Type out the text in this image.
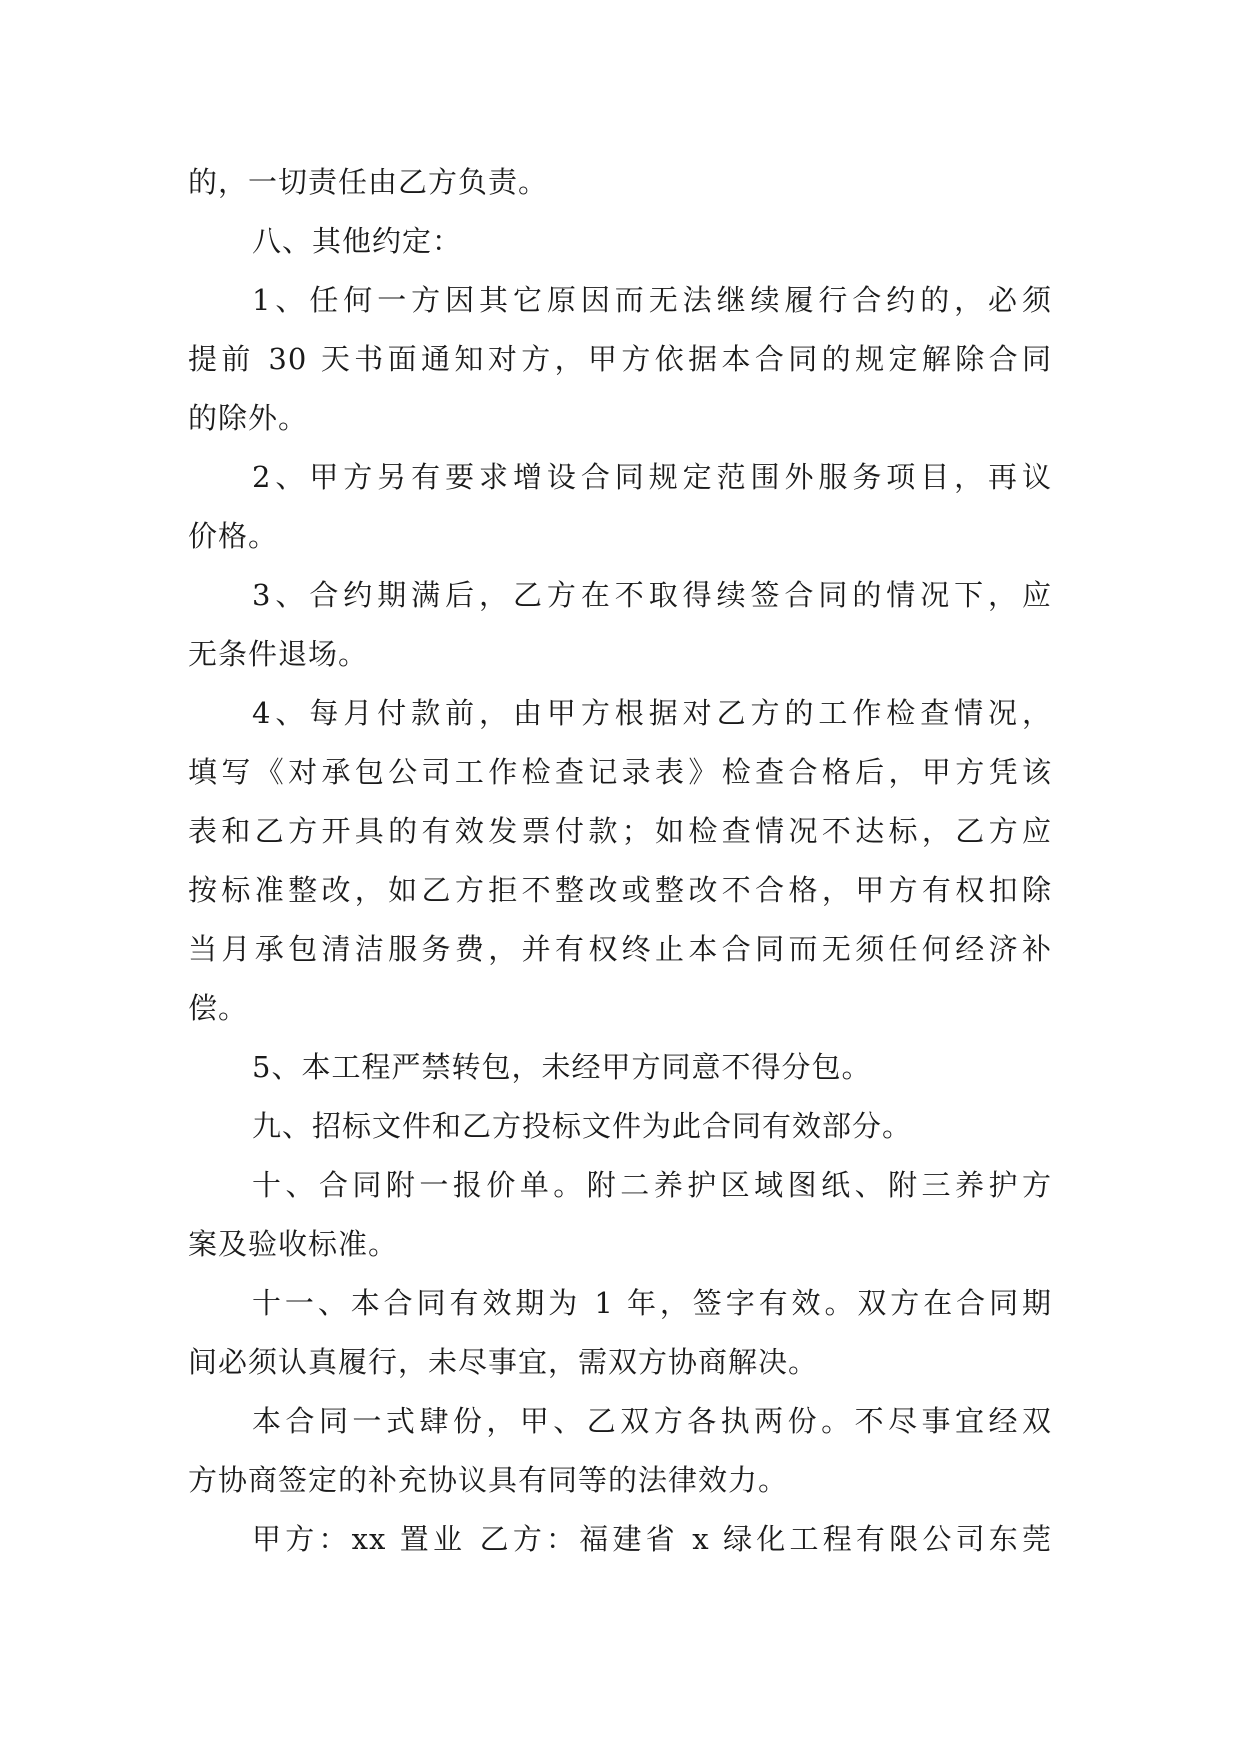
的，一切责任由乙方负责。
八、其他约定：
1、任何一方因其它原因而无法继续履行合约的，必须
提前 30 天书面通知对方，甲方依据本合同的规定解除合同
的除外。
2、甲方另有要求增设合同规定范围外服务项目，再议
价格。
3、合约期满后，乙方在不取得续签合同的情况下，应
无条件退场。
4、每月付款前，由甲方根据对乙方的工作检查情况，
填写《对承包公司工作检查记录表》检查合格后，甲方凭该
表和乙方开具的有效发票付款；如检查情况不达标，乙方应
按标准整改，如乙方拒不整改或整改不合格，甲方有权扣除
当月承包清洁服务费，并有权终止本合同而无须任何经济补
偿。
5、本工程严禁转包，未经甲方同意不得分包。
九、招标文件和乙方投标文件为此合同有效部分。
十、合同附一报价单。附二养护区域图纸、附三养护方
案及验收标准。
十一、本合同有效期为 1 年，签字有效。双方在合同期
间必须认真履行，未尽事宜，需双方协商解决。
本合同一式肆份，甲、乙双方各执两份。不尽事宜经双
方协商签定的补充协议具有同等的法律效力。
甲方：xx 置业 乙方：福建省 x 绿化工程有限公司东莞
